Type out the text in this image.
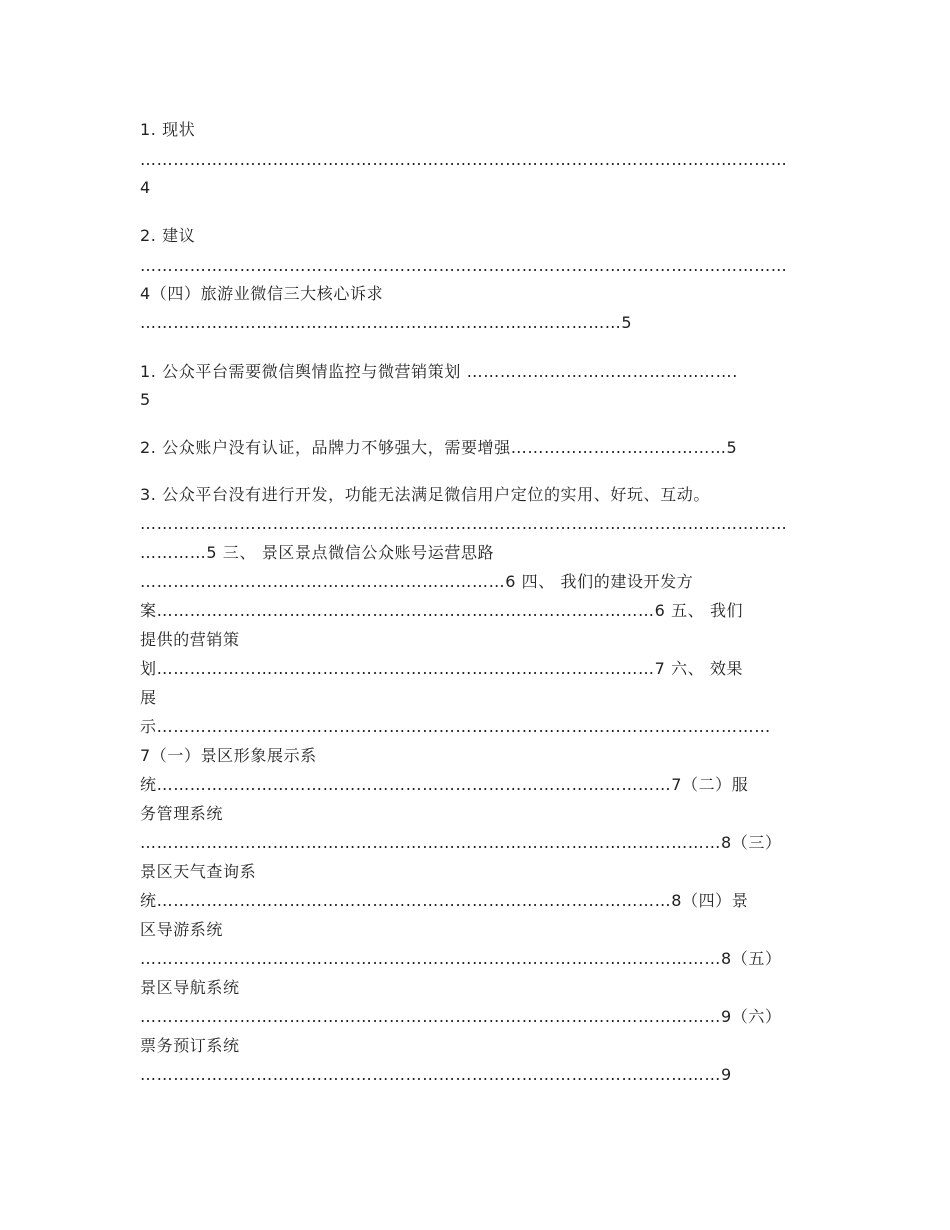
1. 现状
………………………………………………………………………………………………………
4
2. 建议
………………………………………………………………………………………………………
4（四）旅游业微信三大核心诉求
……………………………………………………………………………5
1. 公众平台需要微信舆情监控与微营销策划 ………………………………………….
5
2. 公众账户没有认证，品牌力不够强大，需要增强…………………………………5
3. 公众平台没有进行开发，功能无法满足微信用户定位的实用、好玩、互动。
………………………………………………………………………………………………………
…………5 三、 景区景点微信公众账号运营思路
…………………………………………………………6 四、 我们的建设开发方
案………………………………………………………………………………6 五、 我们
提供的营销策
划………………………………………………………………………………7 六、 效果
展
示…………………………………………………………………………………………………
7（一）景区形象展示系
统…………………………………………………………………………………7（二）服
务管理系统
……………………………………………………………………………………………8（三）
景区天气查询系
统…………………………………………………………………………………8（四）景
区导游系统
……………………………………………………………………………………………8（五）
景区导航系统
……………………………………………………………………………………………9（六）
票务预订系统
……………………………………………………………………………………………9
